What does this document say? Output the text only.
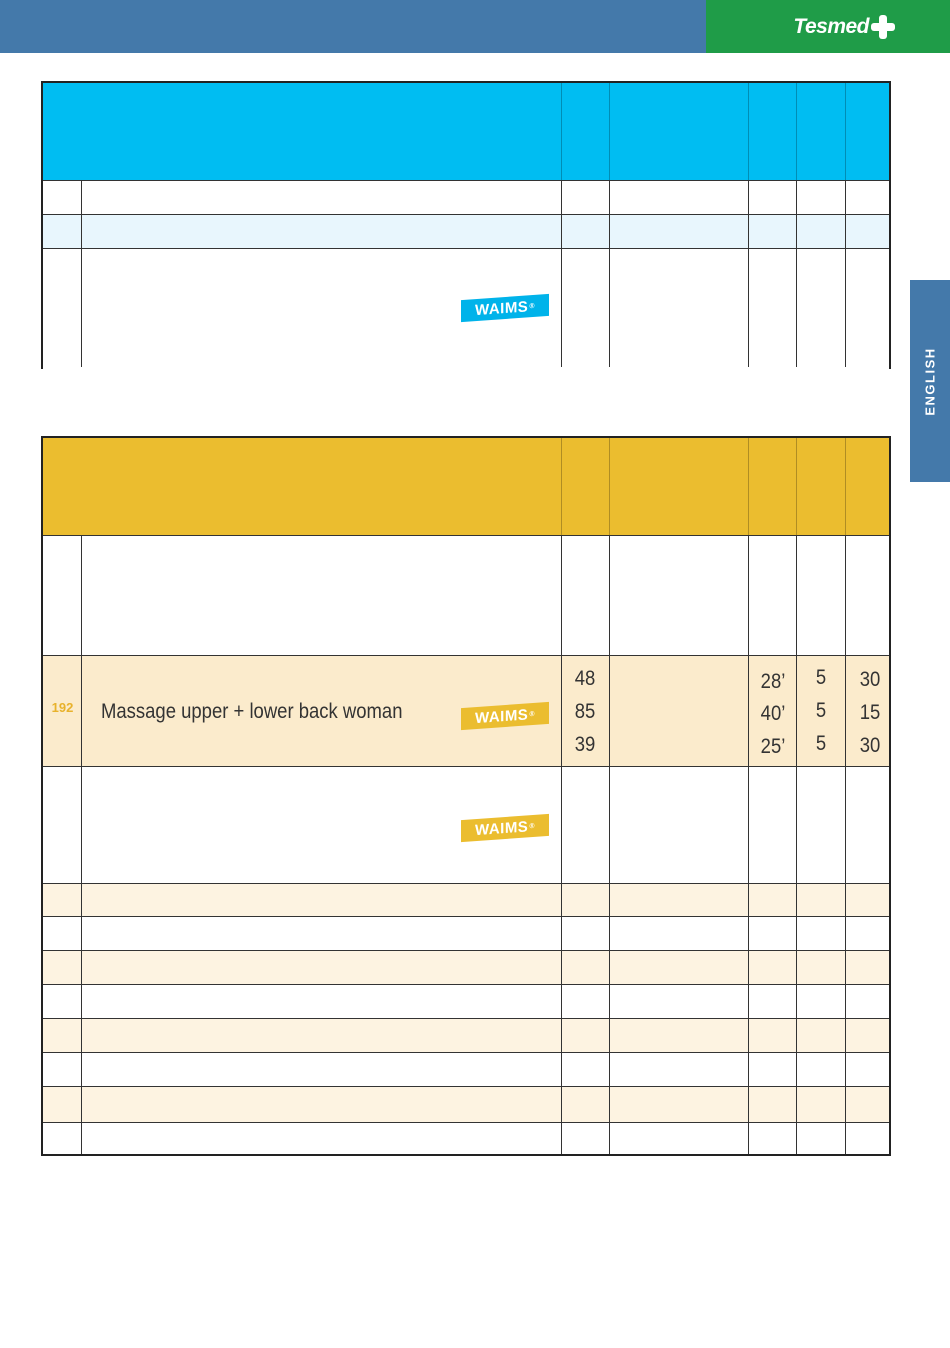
Tesmed
ENGLISH
WAIMS ®
192	Massage upper + lower back woman	WAIMS ®
48
85
39
28’
40’
25’
5
5
5
30
15
30
WAIMS ®
